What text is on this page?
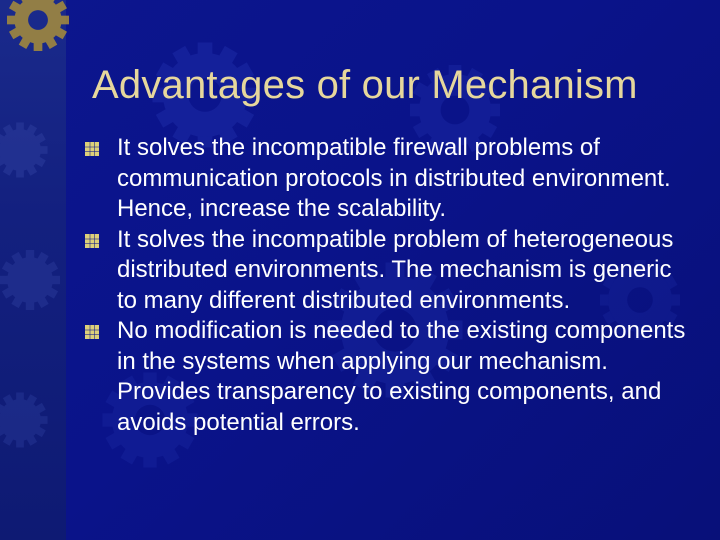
Advantages of our Mechanism
It solves the incompatible firewall problems of communication protocols in distributed environment. Hence, increase the scalability.
It solves the incompatible problem of heterogeneous distributed environments. The mechanism is generic to many different distributed environments.
No modification is needed to the existing components in the systems when applying our mechanism. Provides transparency to existing components, and avoids potential errors.
